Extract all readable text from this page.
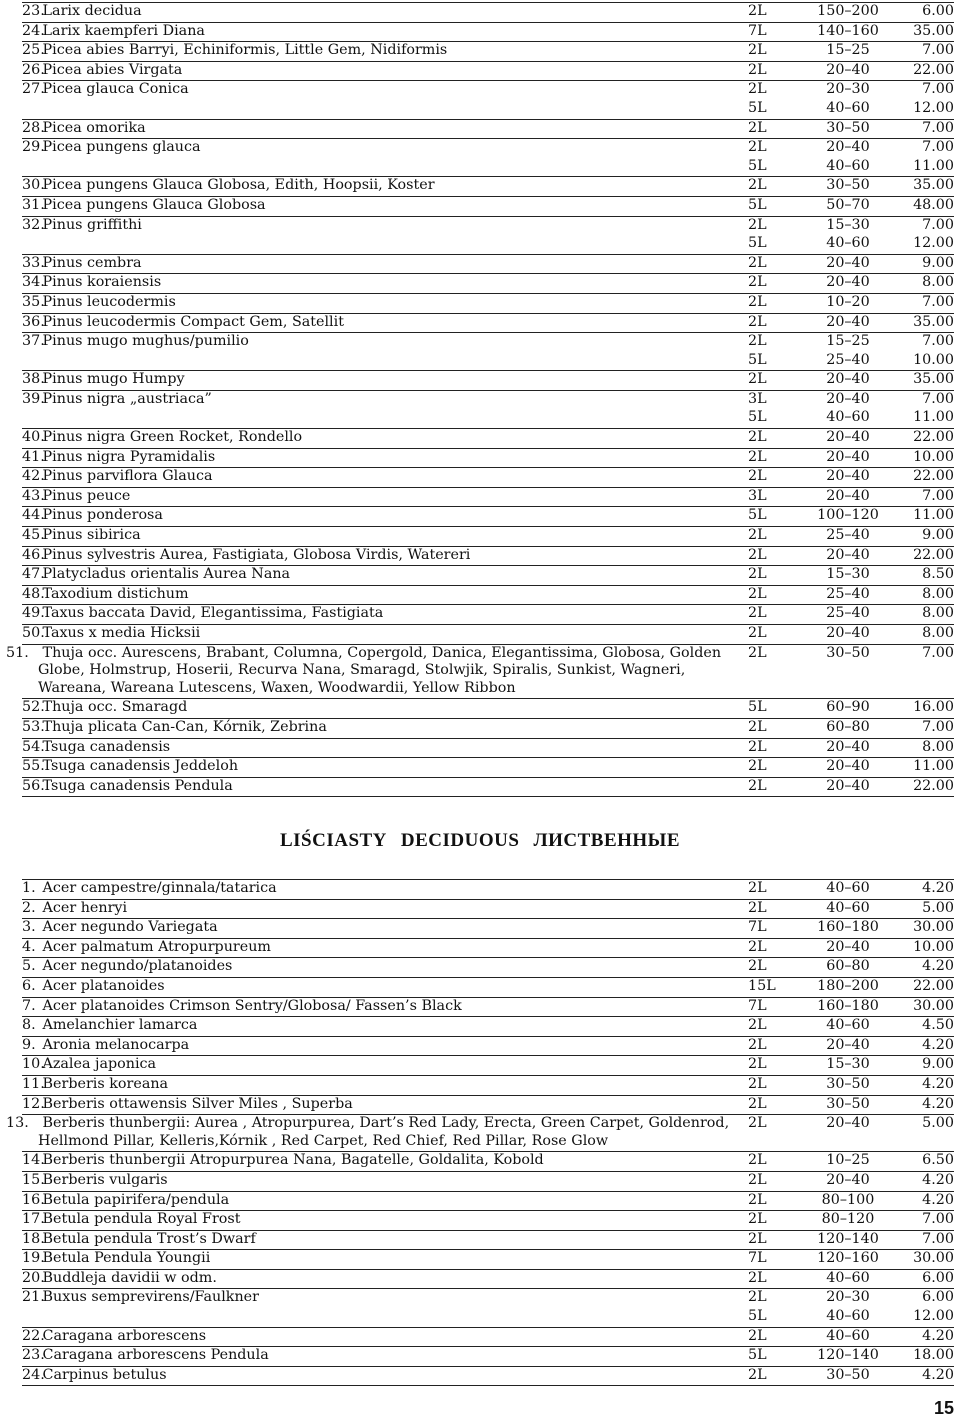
23. Larix decidua	2L	150–200	6.00
24. Larix kaempferi Diana	7L	140–160	35.00
25. Picea abies Barryi, Echiniformis, Little Gem, Nidiformis	2L	15–25	7.00
26. Picea abies Virgata	2L	20–40	22.00
27. Picea glauca Conica	2L	20–30	7.00
	5L	40–60	12.00
28. Picea omorika	2L	30–50	7.00
29. Picea pungens glauca	2L	20–40	7.00
	5L	40–60	11.00
30. Picea pungens Glauca Globosa, Edith, Hoopsii, Koster	2L	30–50	35.00
31. Picea pungens Glauca Globosa	5L	50–70	48.00
32. Pinus griffithi	2L	15–30	7.00
	5L	40–60	12.00
33. Pinus cembra	2L	20–40	9.00
34. Pinus koraiensis	2L	20–40	8.00
35. Pinus leucodermis	2L	10–20	7.00
36. Pinus leucodermis Compact Gem, Satellit	2L	20–40	35.00
37. Pinus mugo mughus/pumilio	2L	15–25	7.00
	5L	25–40	10.00
38. Pinus mugo Humpy	2L	20–40	35.00
39. Pinus nigra „austriaca”	3L	20–40	7.00
	5L	40–60	11.00
40. Pinus nigra Green Rocket, Rondello	2L	20–40	22.00
41. Pinus nigra Pyramidalis	2L	20–40	10.00
42. Pinus parviflora Glauca	2L	20–40	22.00
43. Pinus peuce	3L	20–40	7.00
44. Pinus ponderosa	5L	100–120	11.00
45. Pinus sibirica	2L	25–40	9.00
46. Pinus sylvestris Aurea, Fastigiata, Globosa Virdis, Watereri	2L	20–40	22.00
47. Platycladus orientalis Aurea Nana	2L	15–30	8.50
48. Taxodium distichum	2L	25–40	8.00
49. Taxus baccata David, Elegantissima, Fastigiata	2L	25–40	8.00
50. Taxus x media Hicksii	2L	20–40	8.00
51. Thuja occ. Aurescens, Brabant, Columna, Copergold, Danica, Elegantissima, Globosa, Golden Globe, Holmstrup, Hoserii, Recurva Nana, Smaragd, Stolwjik, Spiralis, Sunkist, Wagneri, Wareana, Wareana Lutescens, Waxen, Woodwardii, Yellow Ribbon	2L	30–50	7.00
52. Thuja occ. Smaragd	5L	60–90	16.00
53. Thuja plicata Can-Can, Kórnik, Zebrina	2L	60–80	7.00
54. Tsuga canadensis	2L	20–40	8.00
55. Tsuga canadensis Jeddeloh	2L	20–40	11.00
56. Tsuga canadensis Pendula	2L	20–40	22.00
LIŚCIASTY DECIDUOUS ЛИСТВЕННЫЕ
1. Acer campestre/ginnala/tatarica	2L	40–60	4.20
2. Acer henryi	2L	40–60	5.00
3. Acer negundo Variegata	7L	160–180	30.00
4. Acer palmatum Atropurpureum	2L	20–40	10.00
5. Acer negundo/platanoides	2L	60–80	4.20
6. Acer platanoides	15L	180–200	22.00
7. Acer platanoides Crimson Sentry/Globosa/ Fassen’s Black	7L	160–180	30.00
8. Amelanchier lamarca	2L	40–60	4.50
9. Aronia melanocarpa	2L	20–40	4.20
10. Azalea japonica	2L	15–30	9.00
11. Berberis koreana	2L	30–50	4.20
12. Berberis ottawensis Silver Miles , Superba	2L	30–50	4.20
13. Berberis thunbergii: Aurea , Atropurpurea, Dart’s Red Lady, Erecta, Green Carpet, Goldenrod, Hellmond Pillar, Kelleris,Kórnik , Red Carpet, Red Chief, Red Pillar, Rose Glow	2L	20–40	5.00
14. Berberis thunbergii Atropurpurea Nana, Bagatelle, Goldalita, Kobold	2L	10–25	6.50
15. Berberis vulgaris	2L	20–40	4.20
16. Betula papirifera/pendula	2L	80–100	4.20
17. Betula pendula Royal Frost	2L	80–120	7.00
18. Betula pendula Trost’s Dwarf	2L	120–140	7.00
19. Betula Pendula Youngii	7L	120–160	30.00
20. Buddleja davidii w odm.	2L	40–60	6.00
21. Buxus semprevirens/Faulkner	2L	20–30	6.00
	5L	40–60	12.00
22. Caragana arborescens	2L	40–60	4.20
23. Caragana arborescens Pendula	5L	120–140	18.00
24. Carpinus betulus	2L	30–50	4.20
15
